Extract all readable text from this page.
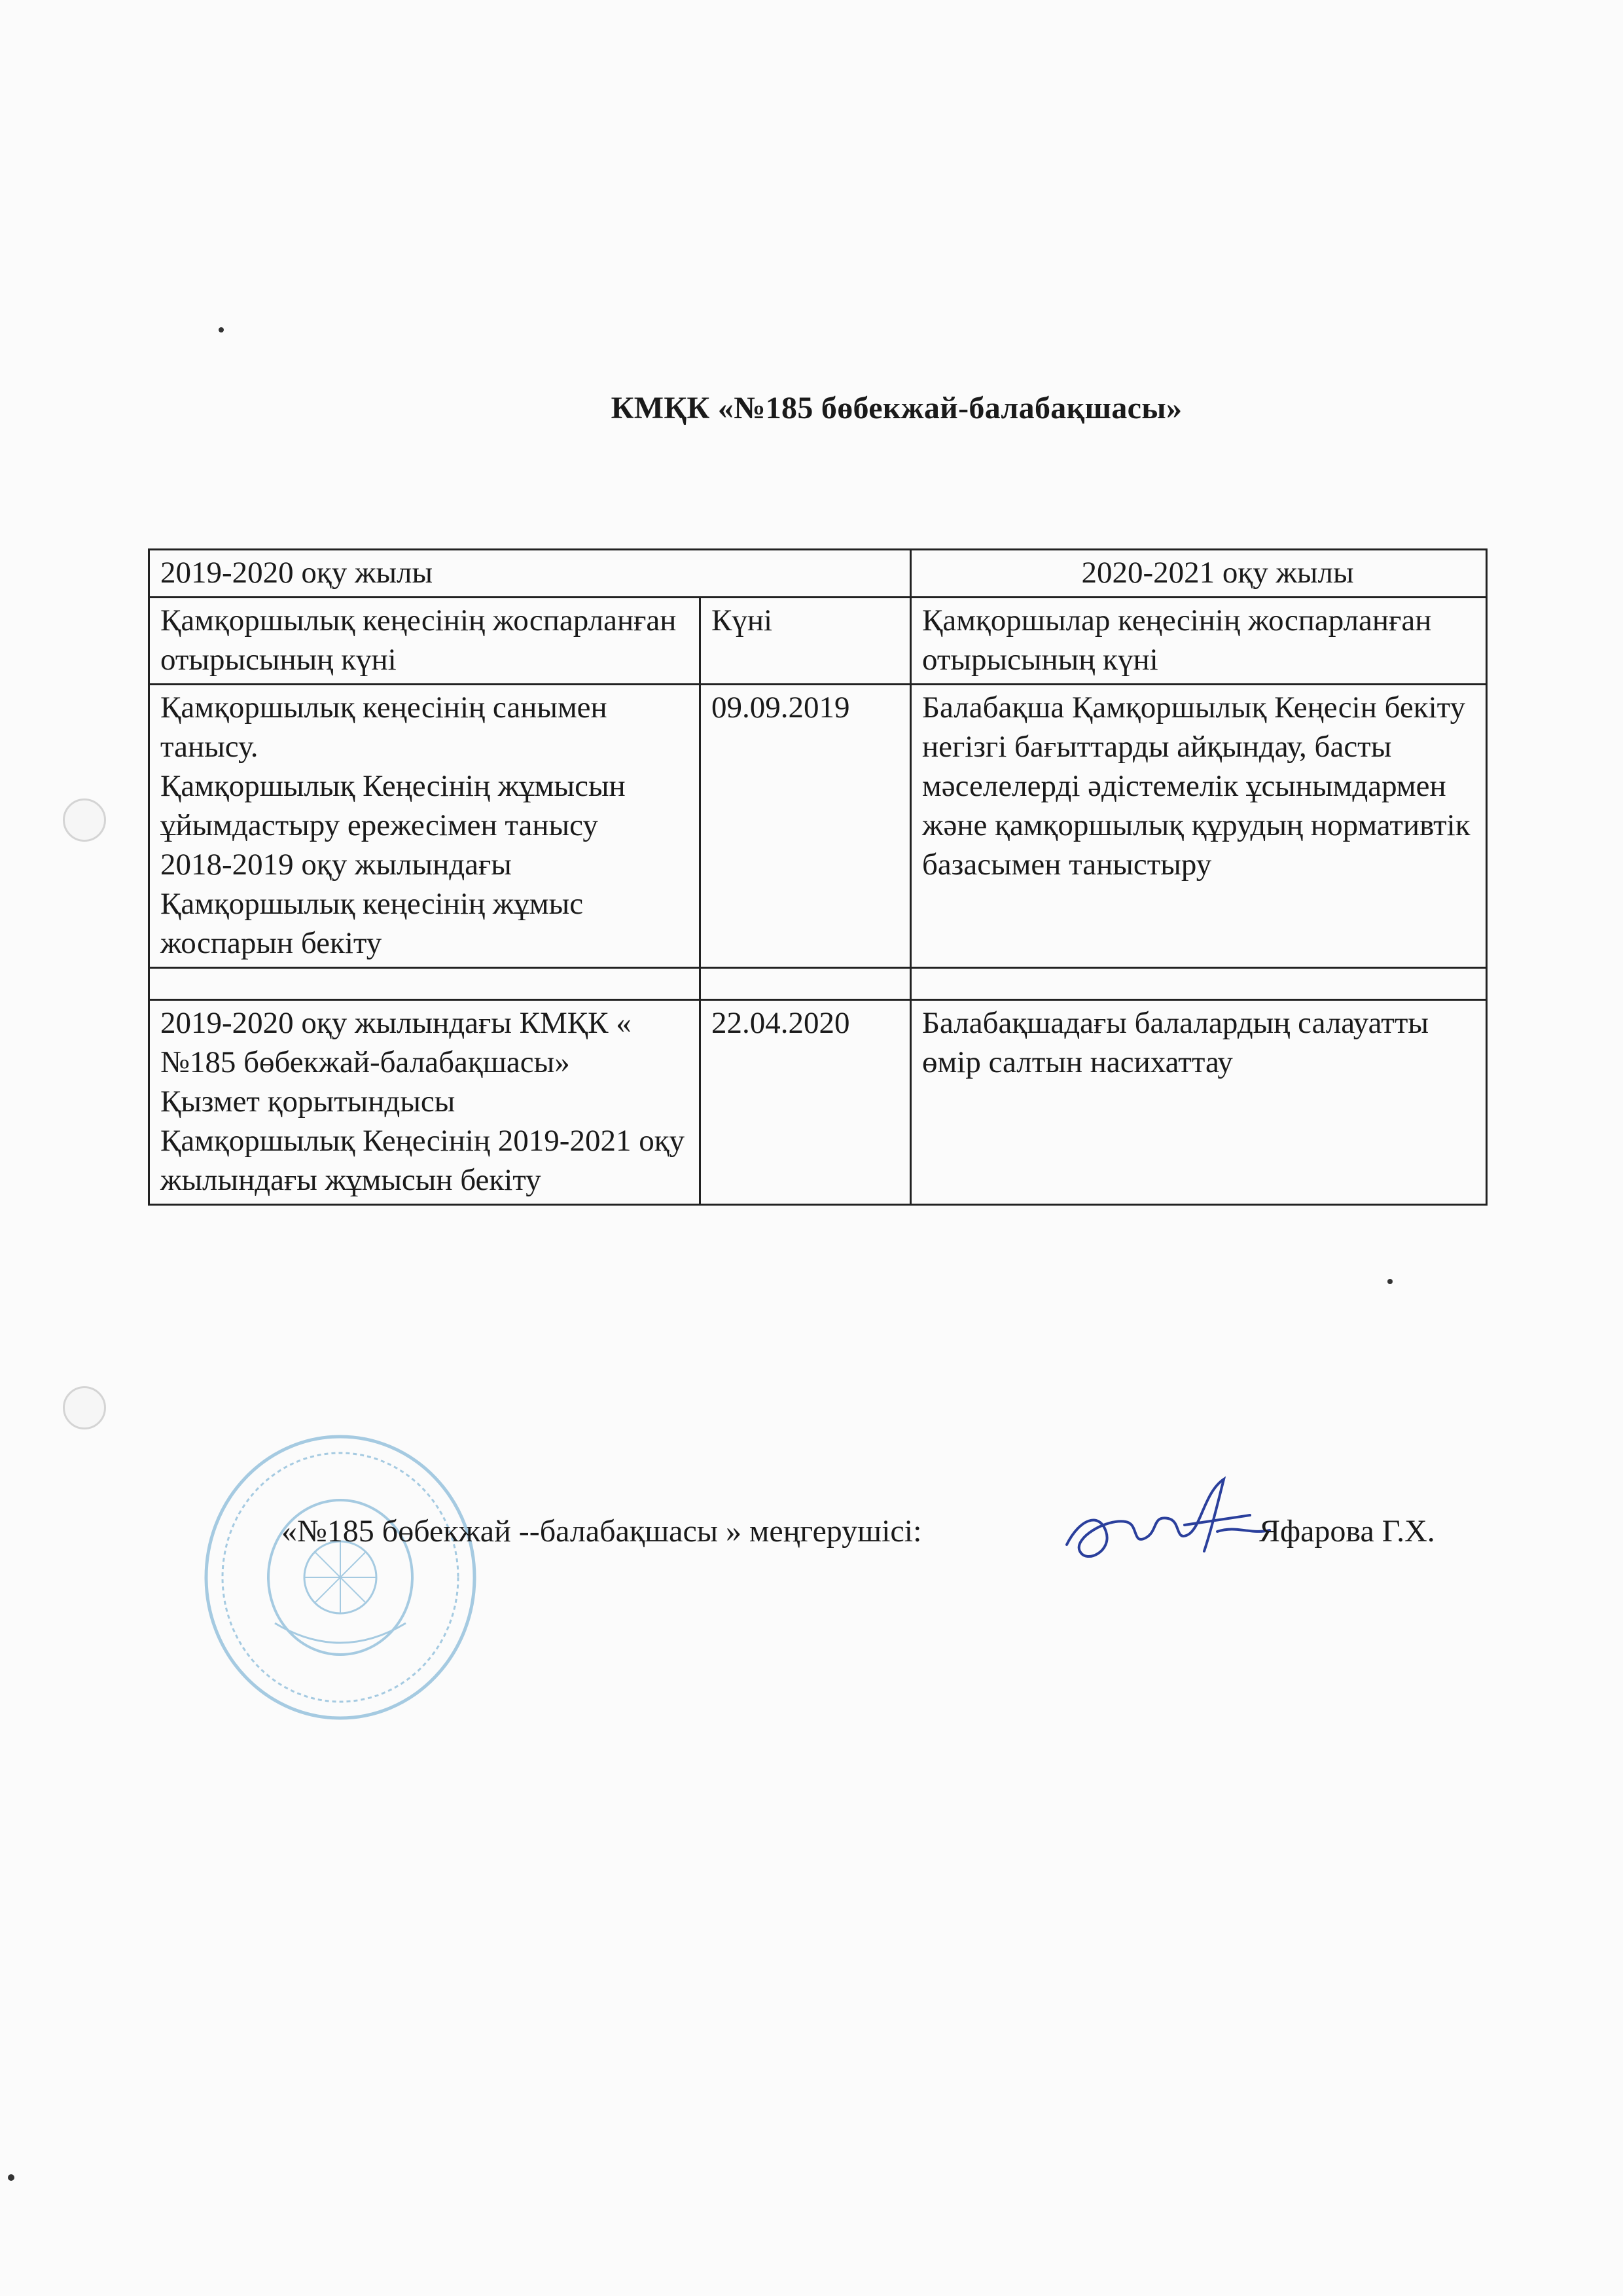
КМҚК «№185 бөбекжай-балабақшасы»
2019-2020 оқу жылы		2020-2021 оқу жылы
Қамқоршылық кеңесінің жоспарланған отырысының күні	Күні	Қамқоршылар кеңесінің жоспарланған отырысының күні
Қамқоршылық кеңесінің санымен танысу.
Қамқоршылық Кеңесінің жұмысын ұйымдастыру ережесімен танысу
2018-2019 оқу жылындағы Қамқоршылық кеңесінің жұмыс жоспарын бекіту	09.09.2019	Балабақша Қамқоршылық Кеңесін бекіту негізгі бағыттарды айқындау, басты мәселелерді әдістемелік ұсынымдармен және қамқоршылық құрудың нормативтік базасымен таныстыру

2019-2020 оқу жылындағы КМҚК « №185 бөбекжай-балабақшасы»
Қызмет қорытындысы
Қамқоршылық Кеңесінің 2019-2021 оқу жылындағы жұмысын бекіту	22.04.2020	Балабақшадағы балалардың салауатты өмір салтын насихаттау
«№185 бөбекжай --балабақшасы » меңгерушісі:	Яфарова Г.Х.
